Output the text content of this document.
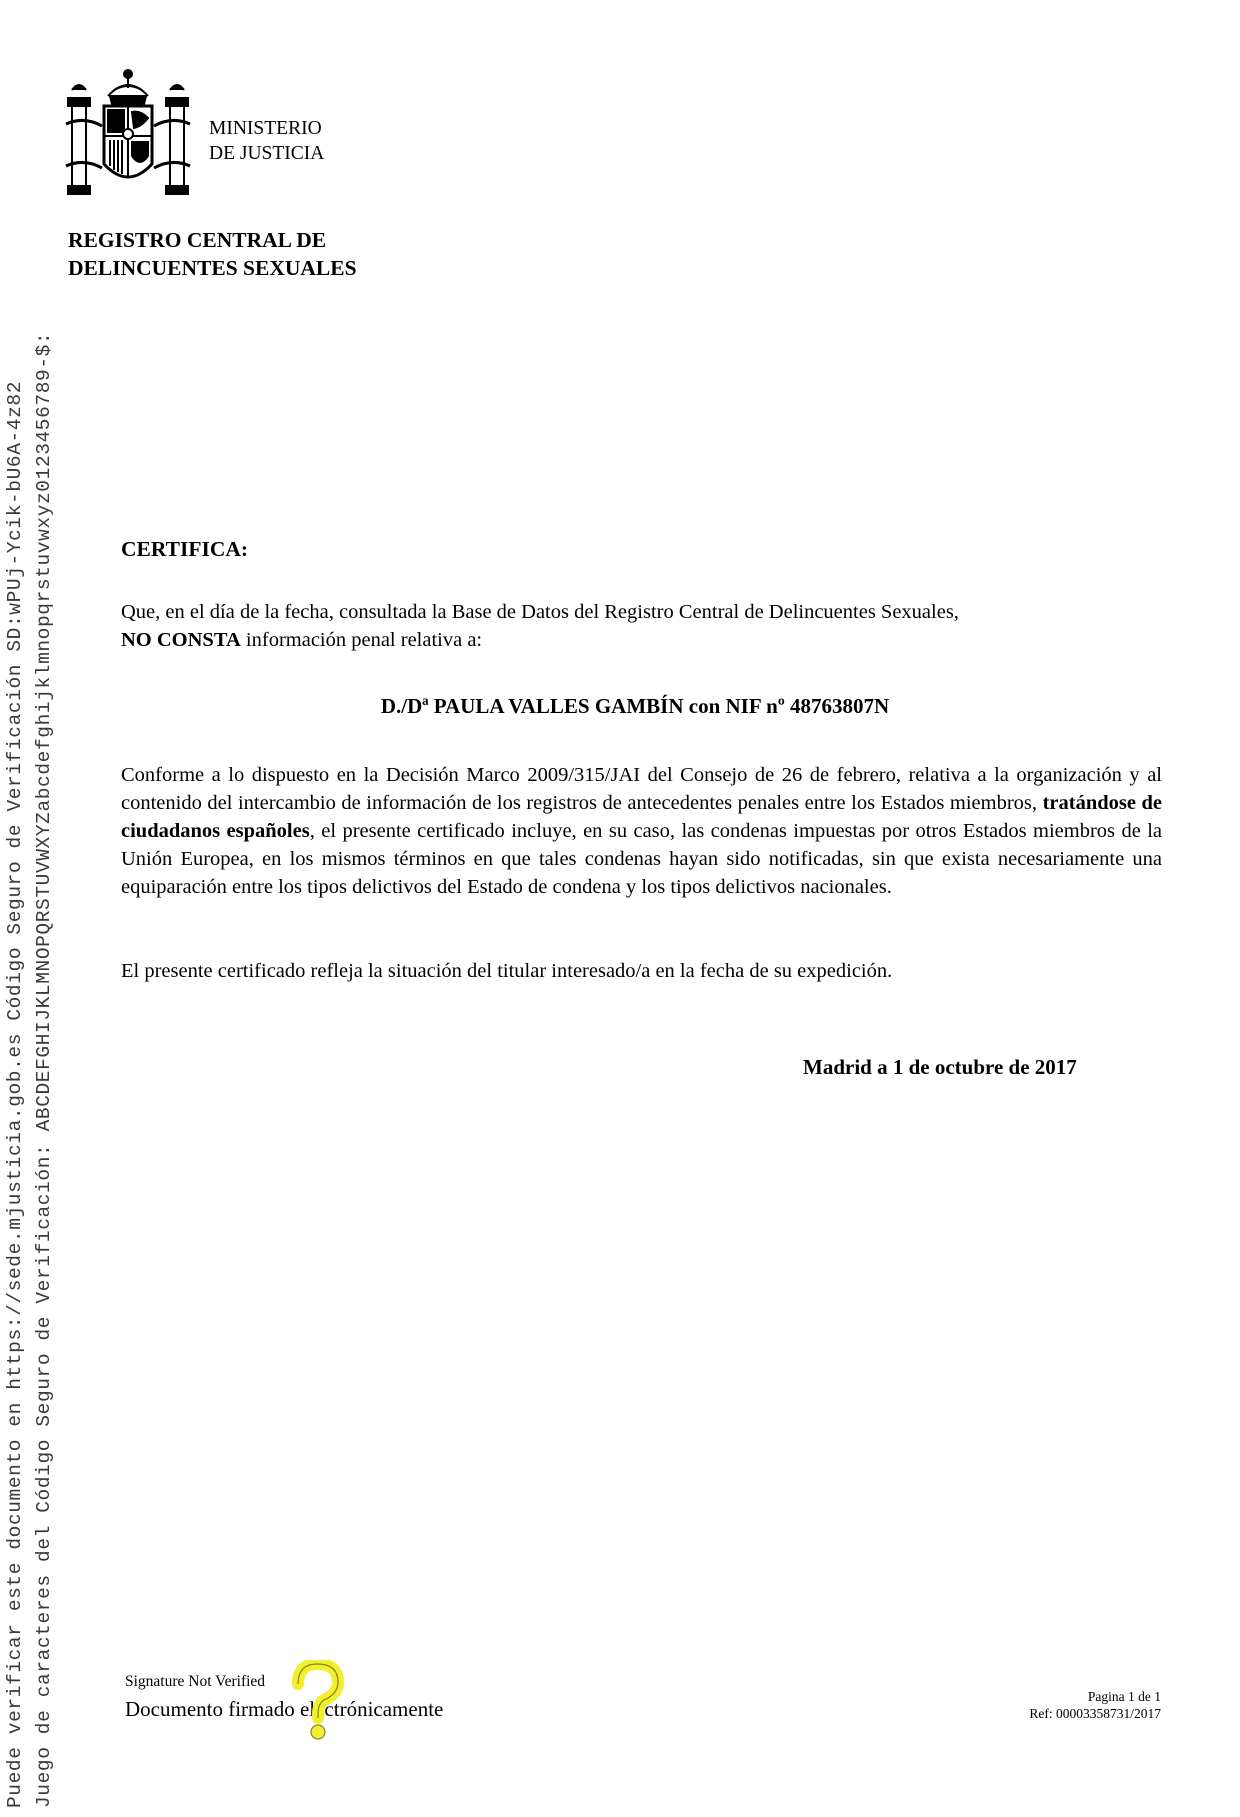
Puede verificar este documento en https://sede.mjusticia.gob.es Código Seguro de Verificación SD:wPUj-Ycik-bU6A-4z82 Juego de caracteres del Código Seguro de Verificación: ABCDEFGHIJKLMNOPQRSTUVWXYZabcdefghijklmnopqrstuvwxyz0123456789-$:
MINISTERIO
DE JUSTICIA
REGISTRO CENTRAL DE
DELINCUENTES SEXUALES
CERTIFICA:
Que, en el día de la fecha, consultada la Base de Datos del Registro Central de Delincuentes Sexuales,
NO CONSTA información penal relativa a:
D./Dª PAULA VALLES GAMBÍN con NIF nº 48763807N
Conforme a lo dispuesto en la Decisión Marco 2009/315/JAI del Consejo de 26 de febrero, relativa a la organización y al contenido del intercambio de información de los registros de antecedentes penales entre los Estados miembros, tratándose de ciudadanos españoles, el presente certificado incluye, en su caso, las condenas impuestas por otros Estados miembros de la Unión Europea, en los mismos términos en que tales condenas hayan sido notificadas, sin que exista necesariamente una equiparación entre los tipos delictivos del Estado de condena y los tipos delictivos nacionales.
El presente certificado refleja la situación del titular interesado/a en la fecha de su expedición.
Madrid a 1 de octubre de 2017
Signature Not Verified
Documento firmado electrónicamente
Pagina 1 de 1
Ref: 00003358731/2017
